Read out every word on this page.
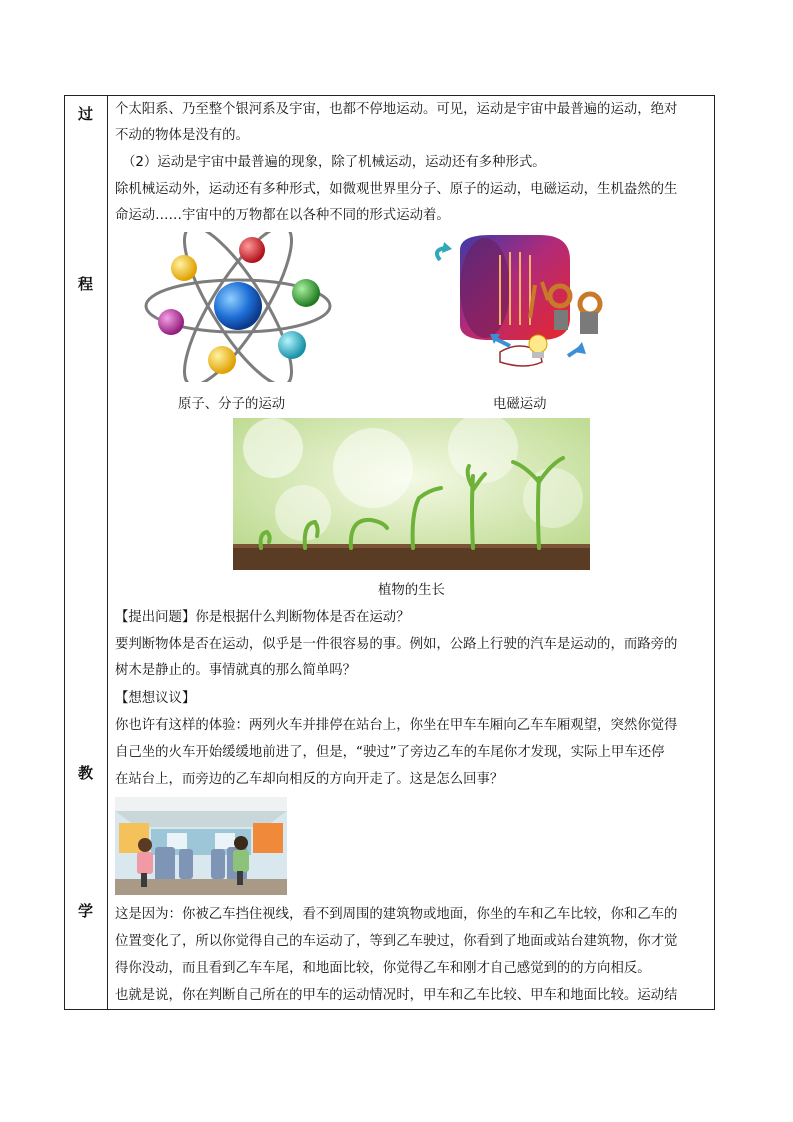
过
程
教
学
个太阳系、乃至整个银河系及宇宙，也都不停地运动。可见，运动是宇宙中最普遍的运动，绝对
不动的物体是没有的。
（2）运动是宇宙中最普遍的现象，除了机械运动，运动还有多种形式。
除机械运动外，运动还有多种形式，如微观世界里分子、原子的运动，电磁运动，生机盎然的生
命运动……宇宙中的万物都在以各种不同的形式运动着。
原子、分子的运动	电磁运动
植物的生长
【提出问题】你是根据什么判断物体是否在运动？
要判断物体是否在运动，似乎是一件很容易的事。例如，公路上行驶的汽车是运动的，而路旁的
树木是静止的。事情就真的那么简单吗？
【想想议议】
你也许有这样的体验：两列火车并排停在站台上，你坐在甲车车厢向乙车车厢观望，突然你觉得
自己坐的火车开始缓缓地前进了，但是，“驶过”了旁边乙车的车尾你才发现，实际上甲车还停
在站台上，而旁边的乙车却向相反的方向开走了。这是怎么回事？
这是因为：你被乙车挡住视线，看不到周围的建筑物或地面，你坐的车和乙车比较，你和乙车的
位置变化了，所以你觉得自己的车运动了，等到乙车驶过，你看到了地面或站台建筑物，你才觉
得你没动，而且看到乙车车尾，和地面比较，你觉得乙车和刚才自己感觉到的的方向相反。
也就是说，你在判断自己所在的甲车的运动情况时，甲车和乙车比较、甲车和地面比较。运动结
